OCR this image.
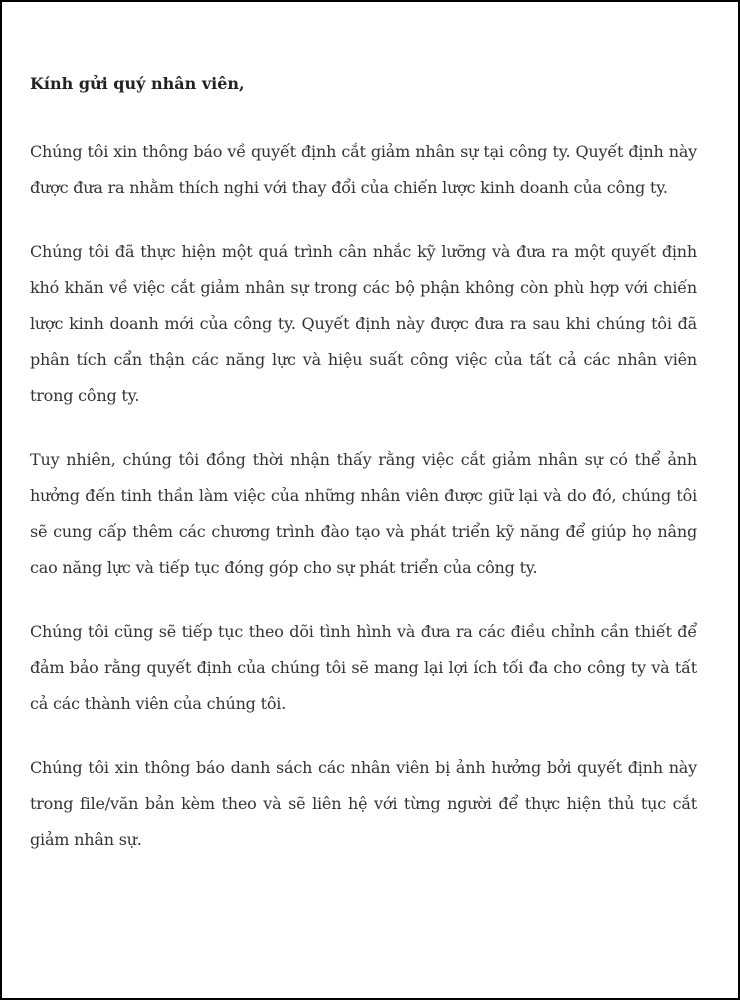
Kính gửi quý nhân viên,

Chúng tôi xin thông báo về quyết định cắt giảm nhân sự tại công ty. Quyết định này được đưa ra nhằm thích nghi với thay đổi của chiến lược kinh doanh của công ty.

Chúng tôi đã thực hiện một quá trình cân nhắc kỹ lưỡng và đưa ra một quyết định khó khăn về việc cắt giảm nhân sự trong các bộ phận không còn phù hợp với chiến lược kinh doanh mới của công ty. Quyết định này được đưa ra sau khi chúng tôi đã phân tích cẩn thận các năng lực và hiệu suất công việc của tất cả các nhân viên trong công ty.

Tuy nhiên, chúng tôi đồng thời nhận thấy rằng việc cắt giảm nhân sự có thể ảnh hưởng đến tinh thần làm việc của những nhân viên được giữ lại và do đó, chúng tôi sẽ cung cấp thêm các chương trình đào tạo và phát triển kỹ năng để giúp họ nâng cao năng lực và tiếp tục đóng góp cho sự phát triển của công ty.

Chúng tôi cũng sẽ tiếp tục theo dõi tình hình và đưa ra các điều chỉnh cần thiết để đảm bảo rằng quyết định của chúng tôi sẽ mang lại lợi ích tối đa cho công ty và tất cả các thành viên của chúng tôi.

Chúng tôi xin thông báo danh sách các nhân viên bị ảnh hưởng bởi quyết định này trong file/văn bản kèm theo và sẽ liên hệ với từng người để thực hiện thủ tục cắt giảm nhân sự.
